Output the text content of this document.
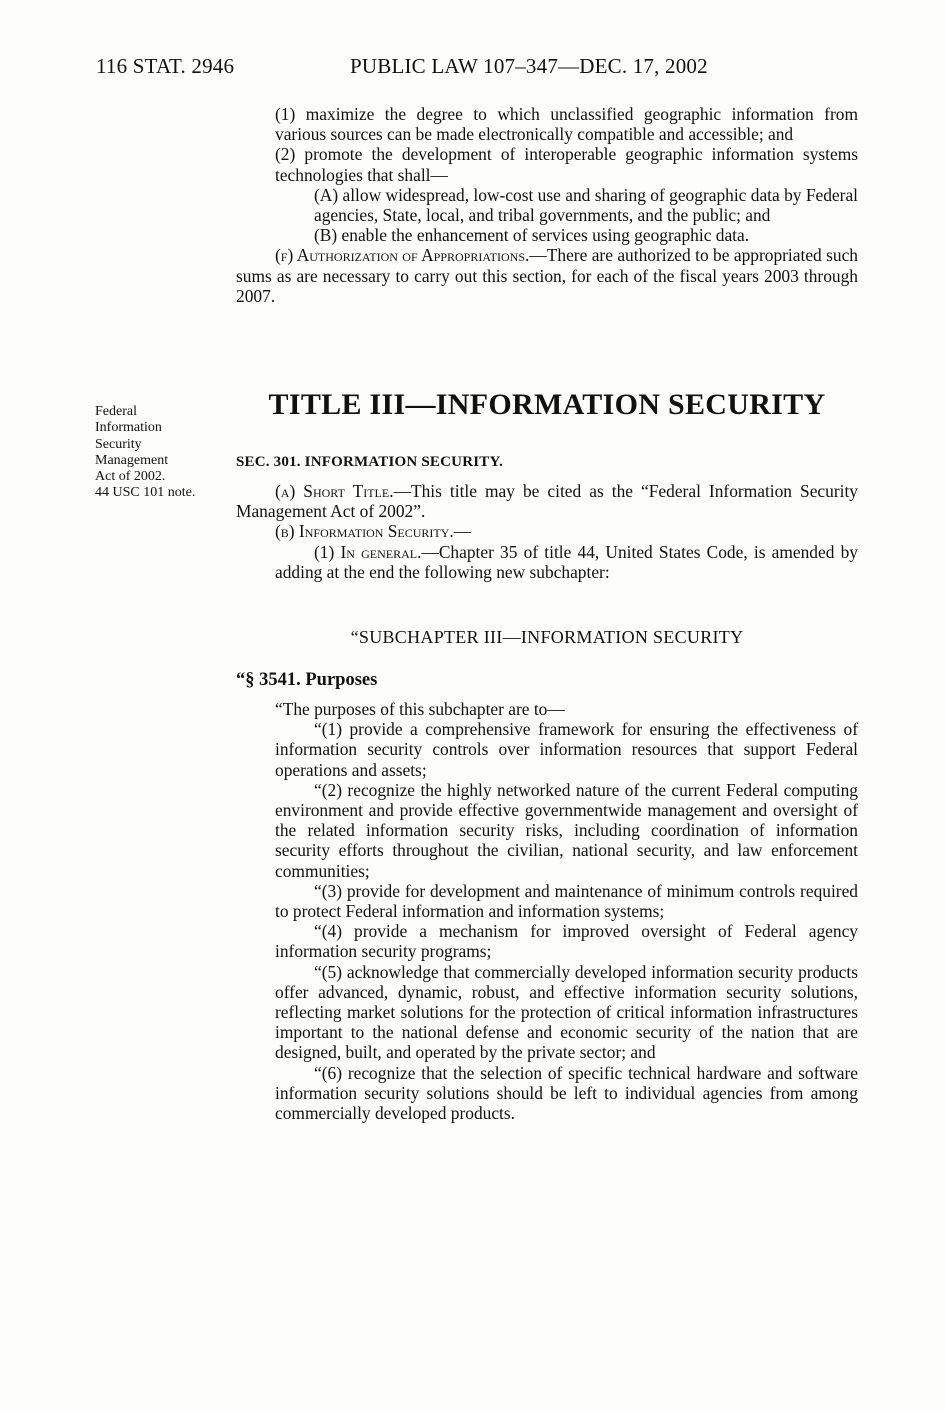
116 STAT. 2946	PUBLIC LAW 107–347—DEC. 17, 2002

(1) maximize the degree to which unclassified geographic information from various sources can be made electronically compatible and accessible; and

(2) promote the development of interoperable geographic information systems technologies that shall—

(A) allow widespread, low-cost use and sharing of geographic data by Federal agencies, State, local, and tribal governments, and the public; and

(B) enable the enhancement of services using geographic data.

(f) Authorization of Appropriations.—There are authorized to be appropriated such sums as are necessary to carry out this section, for each of the fiscal years 2003 through 2007.

Federal
Information
Security
Management
Act of 2002.
44 USC 101 note.
TITLE III—INFORMATION SECURITY
SEC. 301. INFORMATION SECURITY.

(a) Short Title.—This title may be cited as the “Federal Information Security Management Act of 2002”.

(b) Information Security.—

(1) In general.—Chapter 35 of title 44, United States Code, is amended by adding at the end the following new subchapter:

“SUBCHAPTER III—INFORMATION SECURITY
“§ 3541. Purposes

“The purposes of this subchapter are to—

“(1) provide a comprehensive framework for ensuring the effectiveness of information security controls over information resources that support Federal operations and assets;

“(2) recognize the highly networked nature of the current Federal computing environment and provide effective governmentwide management and oversight of the related information security risks, including coordination of information security efforts throughout the civilian, national security, and law enforcement communities;

“(3) provide for development and maintenance of minimum controls required to protect Federal information and information systems;

“(4) provide a mechanism for improved oversight of Federal agency information security programs;

“(5) acknowledge that commercially developed information security products offer advanced, dynamic, robust, and effective information security solutions, reflecting market solutions for the protection of critical information infrastructures important to the national defense and economic security of the nation that are designed, built, and operated by the private sector; and

“(6) recognize that the selection of specific technical hardware and software information security solutions should be left to individual agencies from among commercially developed products.
